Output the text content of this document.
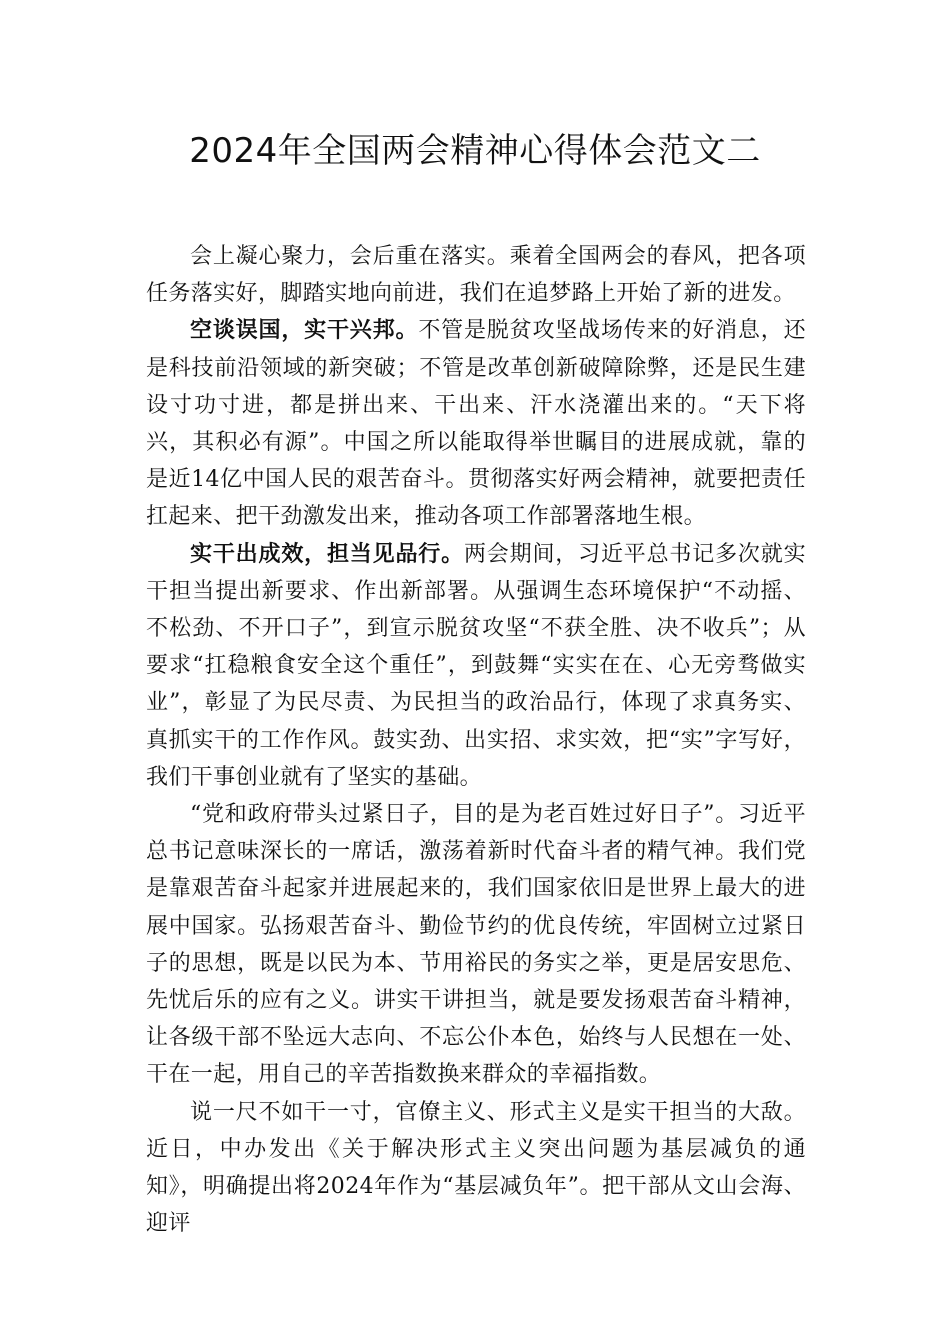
2024年全国两会精神心得体会范文二

会上凝心聚力，会后重在落实。乘着全国两会的春风，把各项任务落实好，脚踏实地向前进，我们在追梦路上开始了新的进发。

空谈误国，实干兴邦。不管是脱贫攻坚战场传来的好消息，还是科技前沿领域的新突破；不管是改革创新破障除弊，还是民生建设寸功寸进，都是拼出来、干出来、汗水浇灌出来的。“天下将兴，其积必有源”。中国之所以能取得举世瞩目的进展成就，靠的是近14亿中国人民的艰苦奋斗。贯彻落实好两会精神，就要把责任扛起来、把干劲激发出来，推动各项工作部署落地生根。

实干出成效，担当见品行。两会期间，习近平总书记多次就实干担当提出新要求、作出新部署。从强调生态环境保护“不动摇、不松劲、不开口子”，到宣示脱贫攻坚“不获全胜、决不收兵”；从要求“扛稳粮食安全这个重任”，到鼓舞“实实在在、心无旁骛做实业”，彰显了为民尽责、为民担当的政治品行，体现了求真务实、真抓实干的工作作风。鼓实劲、出实招、求实效，把“实”字写好，我们干事创业就有了坚实的基础。

“党和政府带头过紧日子，目的是为老百姓过好日子”。习近平总书记意味深长的一席话，激荡着新时代奋斗者的精气神。我们党是靠艰苦奋斗起家并进展起来的，我们国家依旧是世界上最大的进展中国家。弘扬艰苦奋斗、勤俭节约的优良传统，牢固树立过紧日子的思想，既是以民为本、节用裕民的务实之举，更是居安思危、先忧后乐的应有之义。讲实干讲担当，就是要发扬艰苦奋斗精神，让各级干部不坠远大志向、不忘公仆本色，始终与人民想在一处、干在一起，用自己的辛苦指数换来群众的幸福指数。

说一尺不如干一寸，官僚主义、形式主义是实干担当的大敌。近日，中办发出《关于解决形式主义突出问题为基层减负的通知》，明确提出将2024年作为“基层减负年”。把干部从文山会海、迎评
